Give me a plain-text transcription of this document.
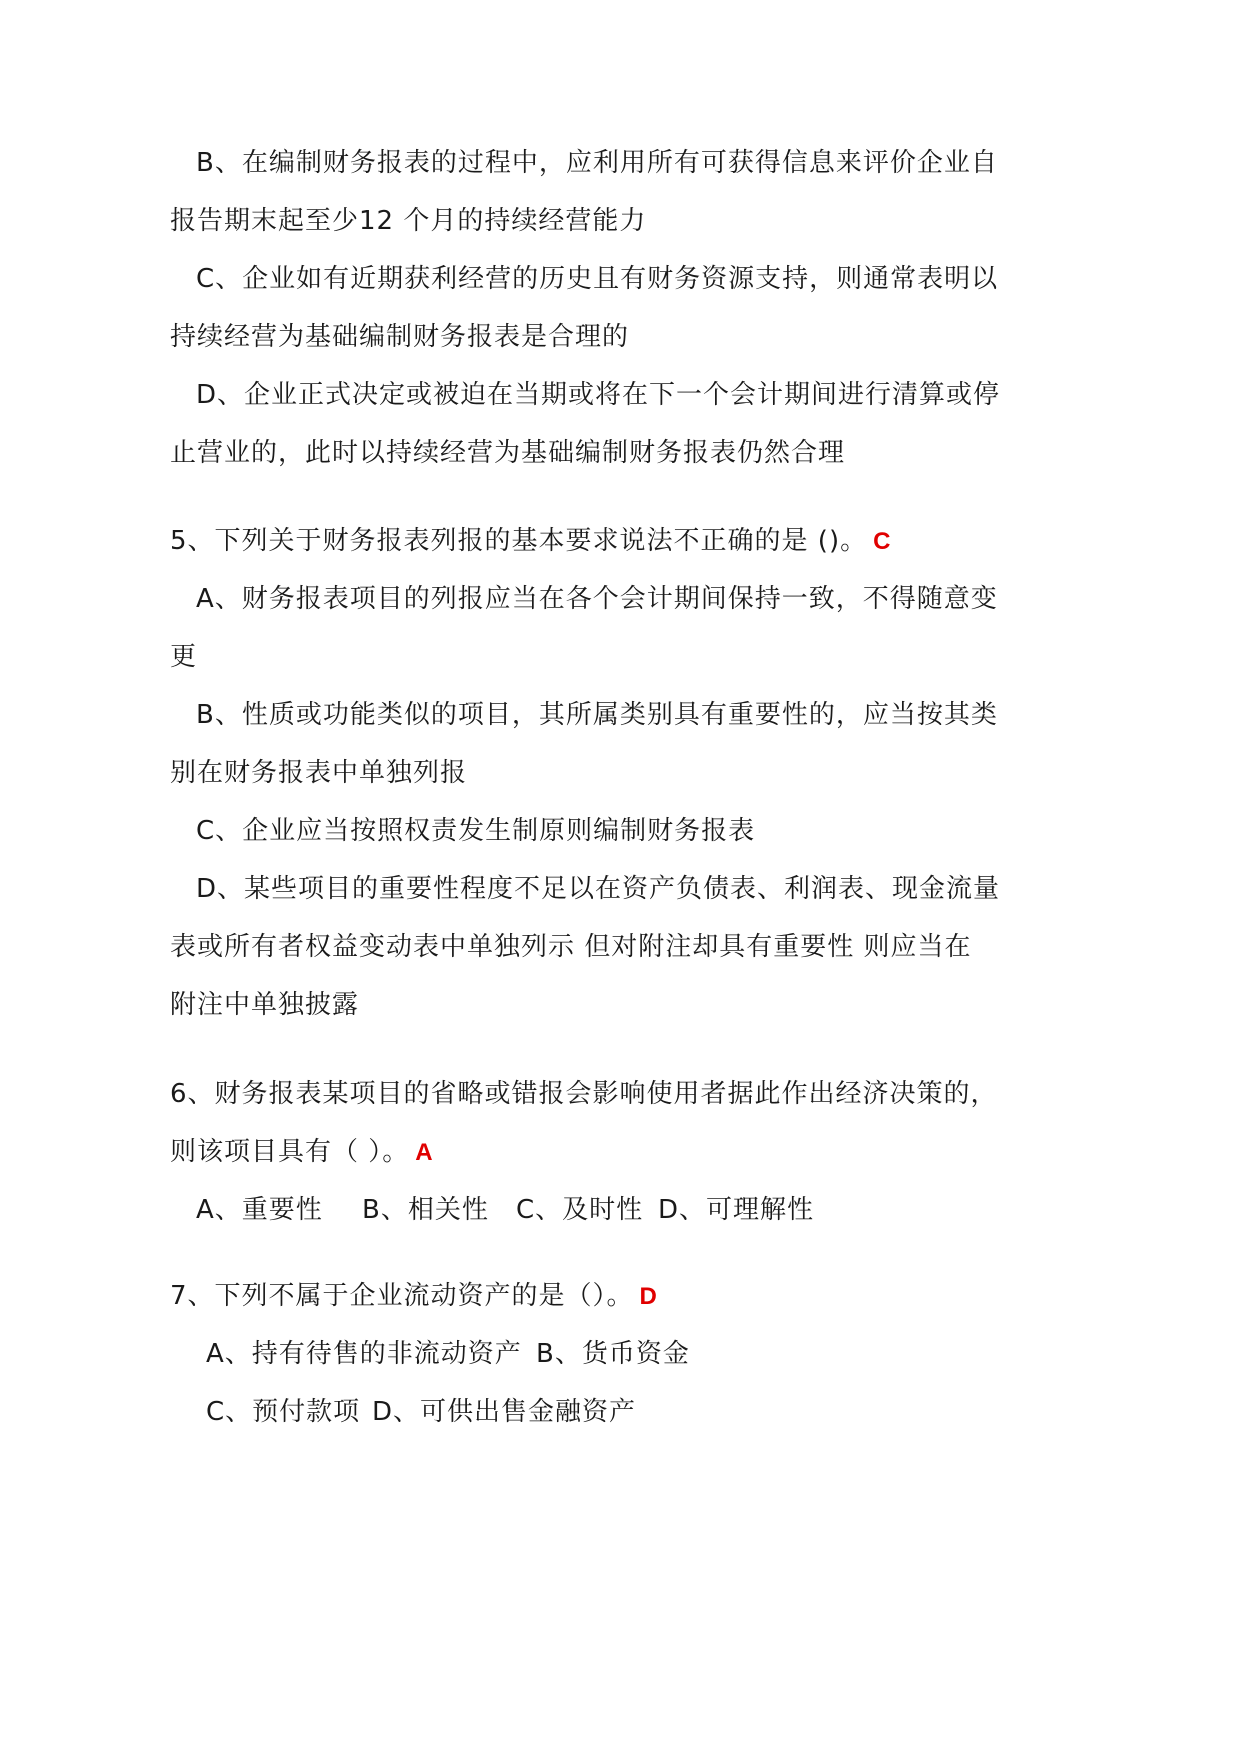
B、在编制财务报表的过程中，应利用所有可获得信息来评价企业自
报告期末起至少12 个月的持续经营能力
C、企业如有近期获利经营的历史且有财务资源支持，则通常表明以
持续经营为基础编制财务报表是合理的
D、企业正式决定或被迫在当期或将在下一个会计期间进行清算或停
止营业的，此时以持续经营为基础编制财务报表仍然合理
5、下列关于财务报表列报的基本要求说法不正确的是 ()。 C
A、财务报表项目的列报应当在各个会计期间保持一致，不得随意变
更
B、性质或功能类似的项目，其所属类别具有重要性的，应当按其类
别在财务报表中单独列报
C、企业应当按照权责发生制原则编制财务报表
D、某些项目的重要性程度不足以在资产负债表、利润表、现金流量
表或所有者权益变动表中单独列示 但对附注却具有重要性 则应当在
附注中单独披露
6、财务报表某项目的省略或错报会影响使用者据此作出经济决策的，
则该项目具有（ ）。 A
A、重要性 B、相关性 C、及时性 D、可理解性
7、下列不属于企业流动资产的是（）。 D
A、持有待售的非流动资产 B、货币资金
C、预付款项 D、可供出售金融资产
